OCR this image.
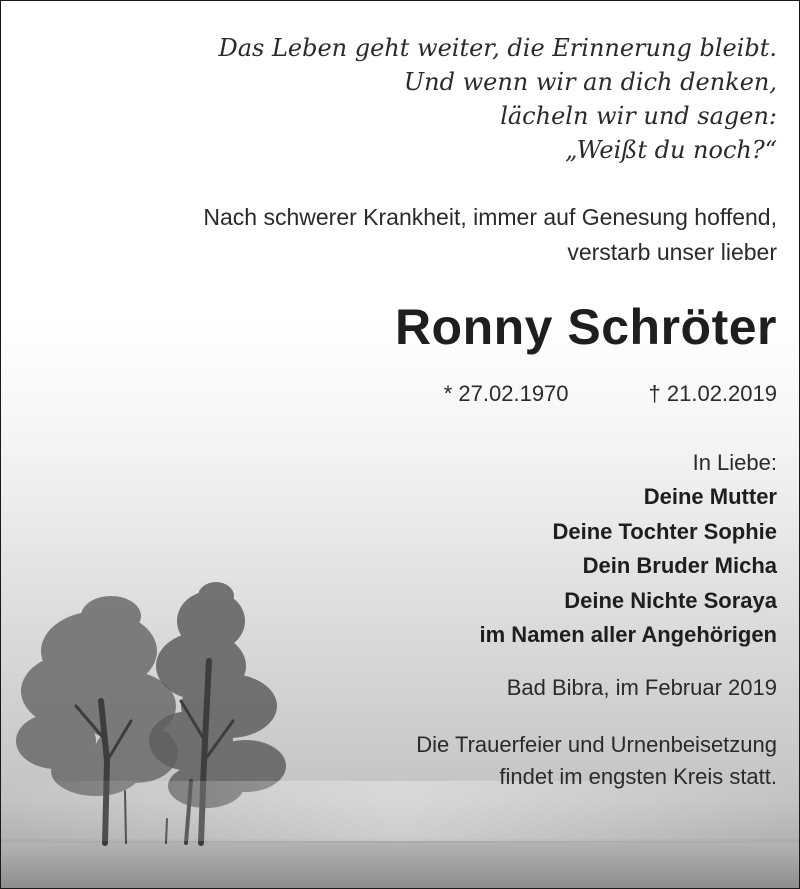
Das Leben geht weiter, die Erinnerung bleibt.
Und wenn wir an dich denken,
lächeln wir und sagen:
„Weißt du noch?“
Nach schwerer Krankheit, immer auf Genesung hoffend,
verstarb unser lieber
Ronny Schröter
* 27.02.1970	† 21.02.2019
In Liebe:
Deine Mutter
Deine Tochter Sophie
Dein Bruder Micha
Deine Nichte Soraya
im Namen aller Angehörigen
Bad Bibra, im Februar 2019
Die Trauerfeier und Urnenbeisetzung
findet im engsten Kreis statt.
